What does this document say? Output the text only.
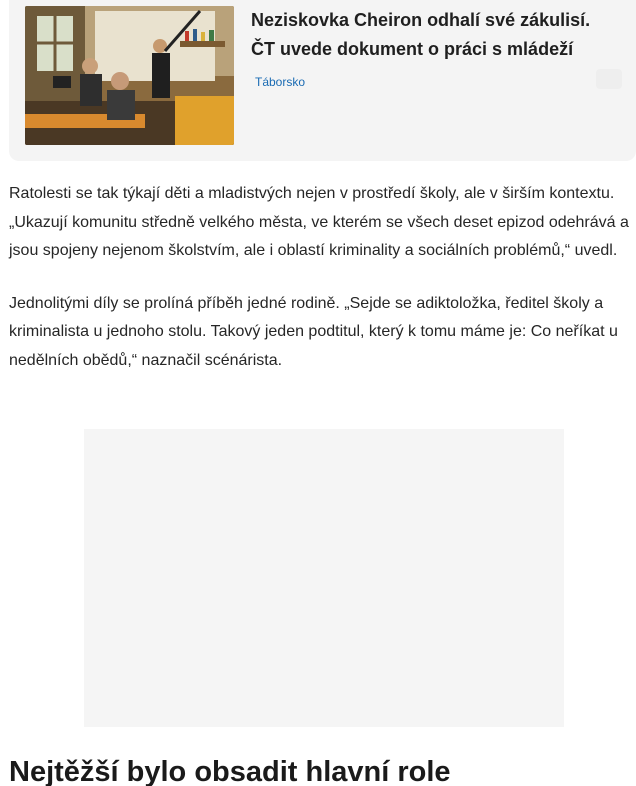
Neziskovka Cheiron odhalí své zákulisí. ČT uvede dokument o práci s mládeží
Táborsko

Ratolesti se tak týkají děti a mladistvých nejen v prostředí školy, ale v širším kontextu. „Ukazují komunitu středně velkého města, ve kterém se všech deset epizod odehrává a jsou spojeny nejenom školstvím, ale i oblastí kriminality a sociálních problémů,“ uvedl.

Jednolitými díly se prolíná příběh jedné rodině. „Sejde se adiktoložka, ředitel školy a kriminalista u jednoho stolu. Takový jeden podtitul, který k tomu máme je: Co neříkat u nedělních obědů,“ naznačil scénárista.

Nejtěžší bylo obsadit hlavní role
